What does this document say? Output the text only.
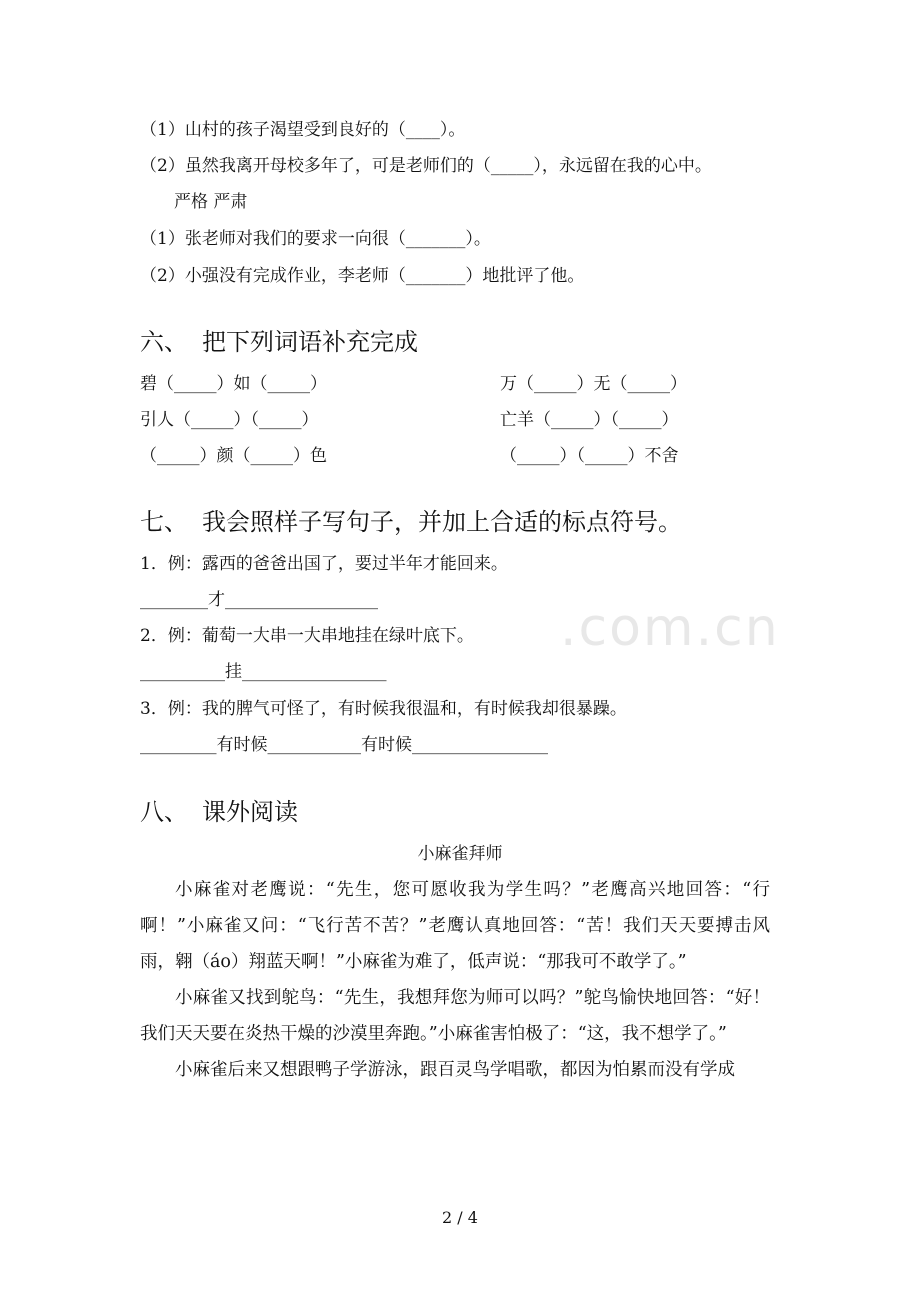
.com.cn
（1）山村的孩子渴望受到良好的（____）。
（2）虽然我离开母校多年了，可是老师们的（_____），永远留在我的心中。
严格 严肃
（1）张老师对我们的要求一向很（_______）。
（2）小强没有完成作业，李老师（_______）地批评了他。
六、 把下列词语补充完成
碧（_____）如（_____）
引人（_____）（_____）
（_____）颜（_____）色
万（_____）无（_____）
亡羊（_____）（_____）
（_____）（_____）不舍
七、 我会照样子写句子，并加上合适的标点符号。
1．例：露西的爸爸出国了，要过半年才能回来。
________才__________________
2．例：葡萄一大串一大串地挂在绿叶底下。
__________挂_________________
3．例：我的脾气可怪了，有时候我很温和，有时候我却很暴躁。
_________有时候___________有时候________________
八、 课外阅读
小麻雀拜师

小麻雀对老鹰说：“先生，您可愿收我为学生吗？”老鹰高兴地回答：“行啊！”小麻雀又问：“飞行苦不苦？”老鹰认真地回答：“苦！我们天天要搏击风雨，翱（áo）翔蓝天啊！”小麻雀为难了，低声说：“那我可不敢学了。”

小麻雀又找到鸵鸟：“先生，我想拜您为师可以吗？”鸵鸟愉快地回答：“好！我们天天要在炎热干燥的沙漠里奔跑。”小麻雀害怕极了：“这，我不想学了。”

小麻雀后来又想跟鸭子学游泳，跟百灵鸟学唱歌，都因为怕累而没有学成

2 / 4
